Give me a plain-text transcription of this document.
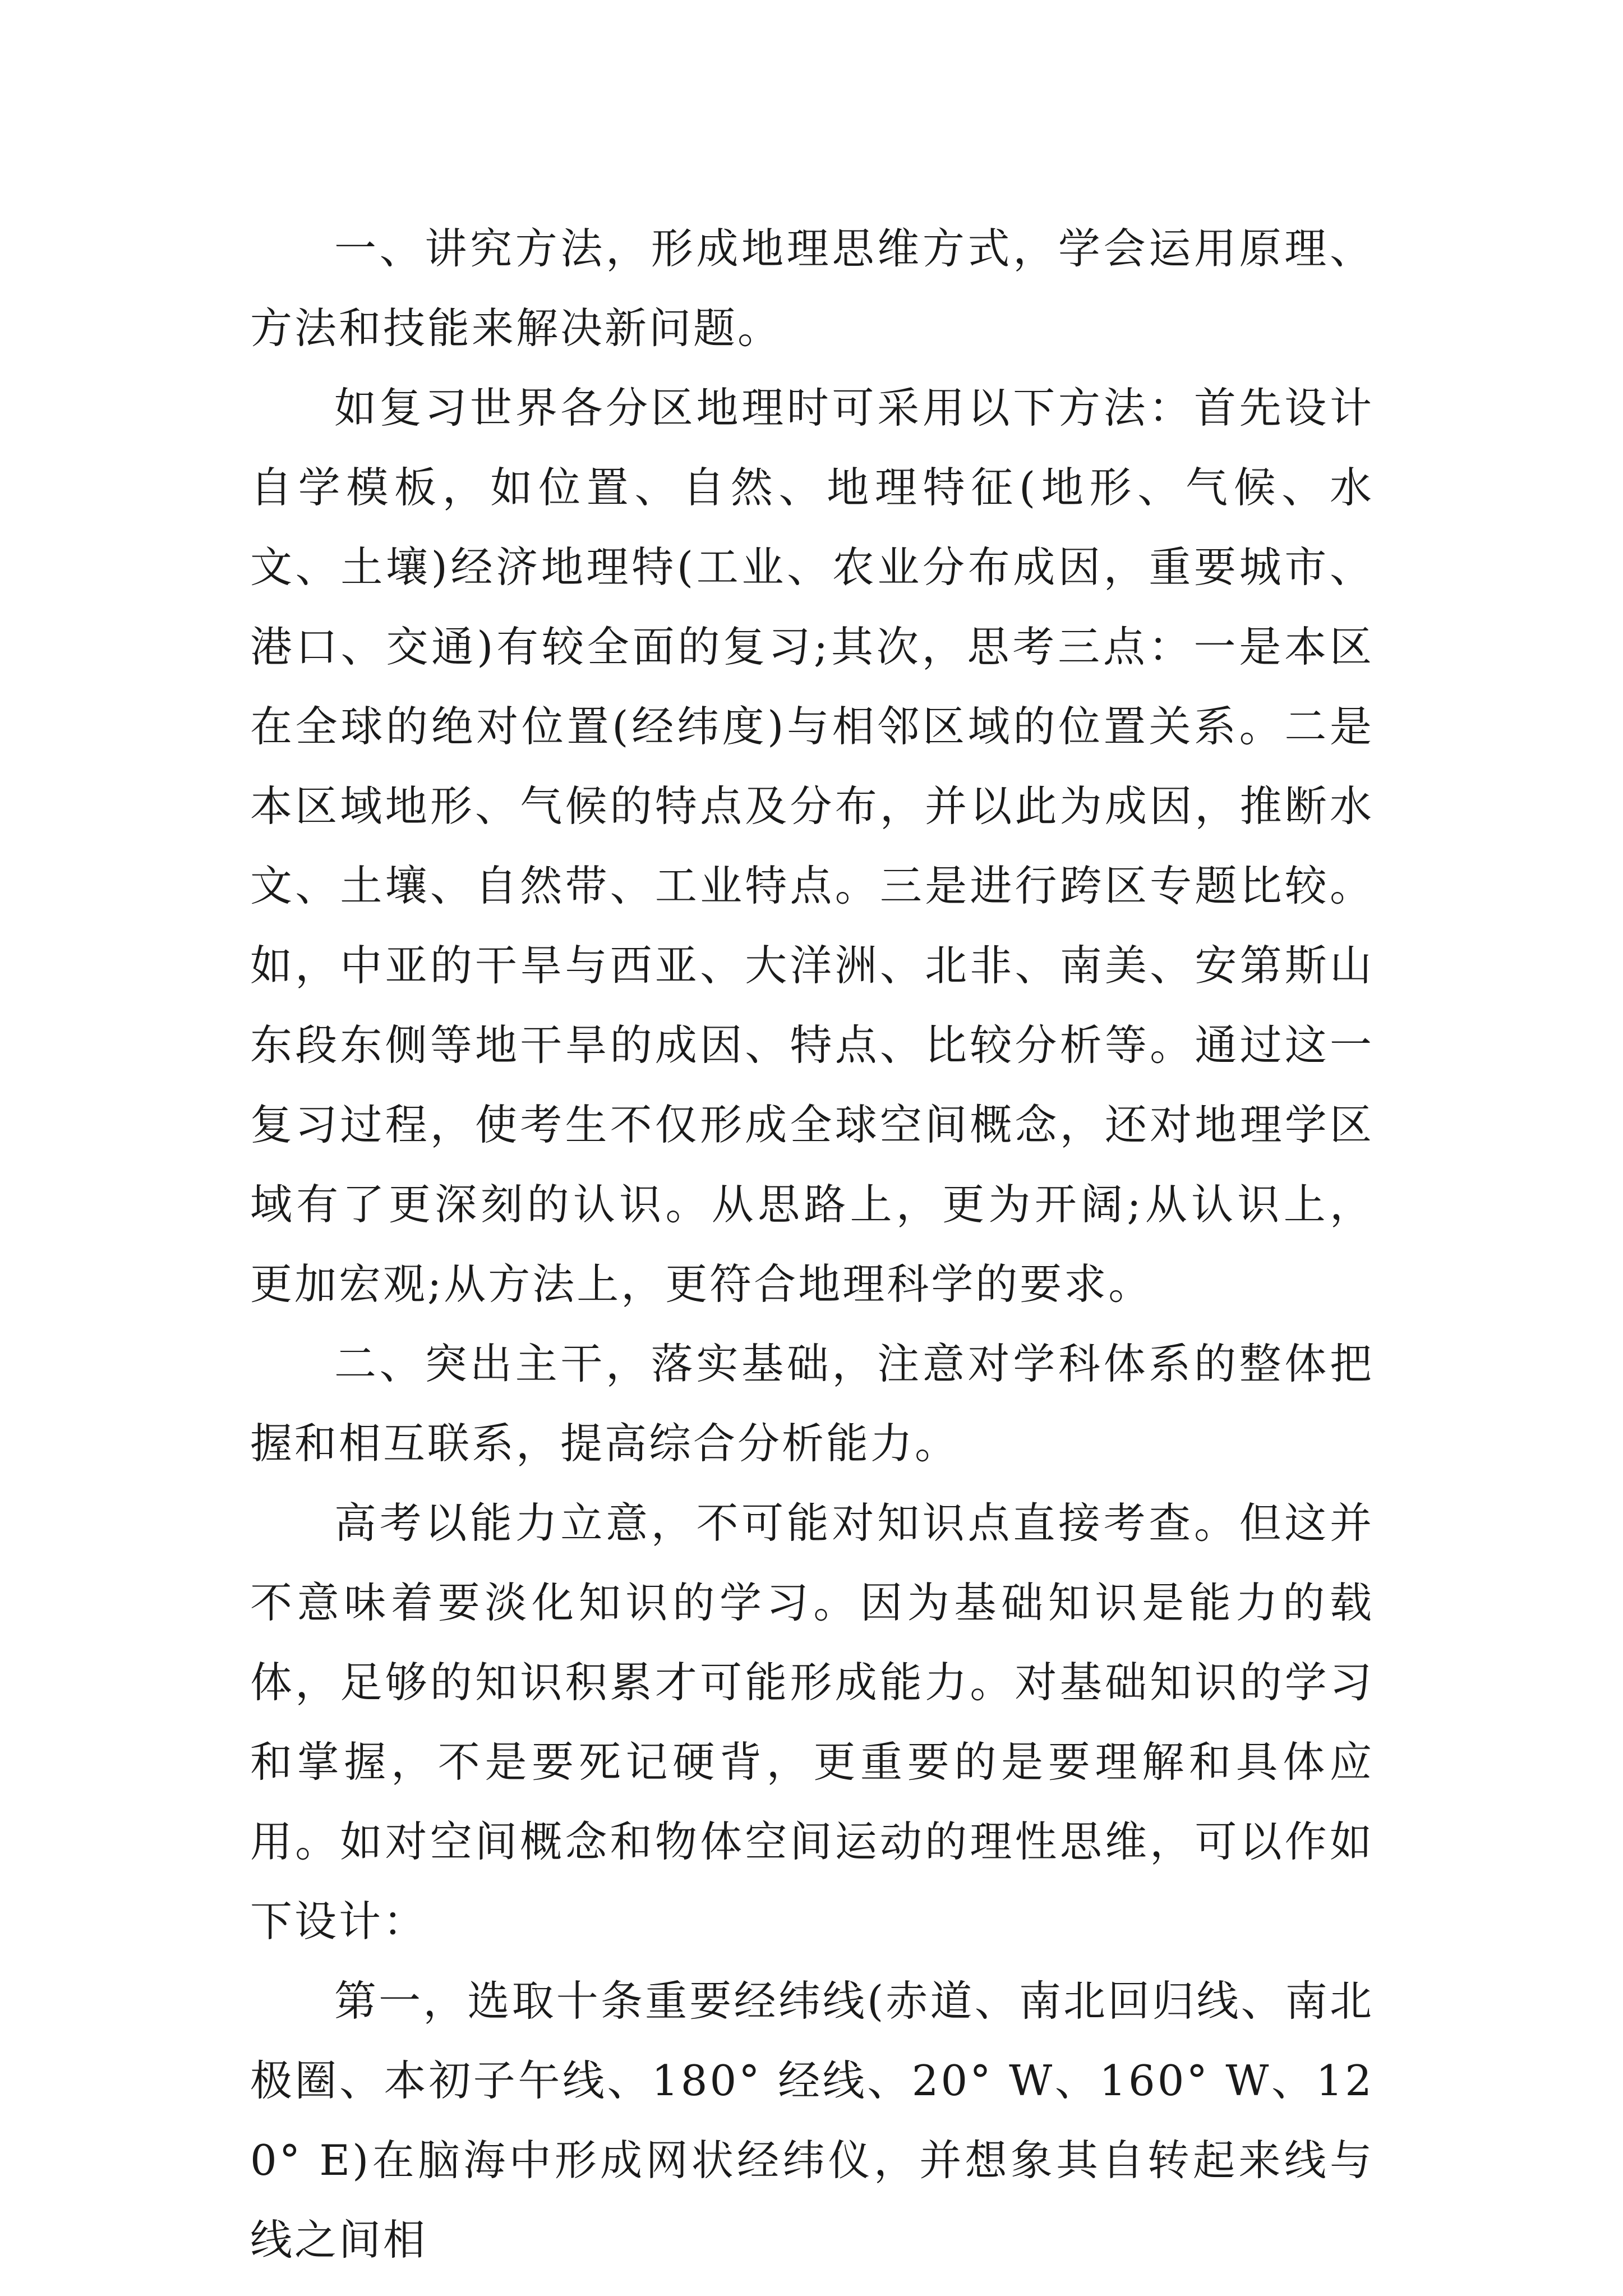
一、讲究方法，形成地理思维方式，学会运用原理、方法和技能来解决新问题。

如复习世界各分区地理时可采用以下方法：首先设计自学模板，如位置、自然、地理特征(地形、气候、水文、土壤)经济地理特(工业、农业分布成因，重要城市、港口、交通)有较全面的复习;其次，思考三点：一是本区在全球的绝对位置(经纬度)与相邻区域的位置关系。二是本区域地形、气候的特点及分布，并以此为成因，推断水文、土壤、自然带、工业特点。三是进行跨区专题比较。如，中亚的干旱与西亚、大洋洲、北非、南美、安第斯山东段东侧等地干旱的成因、特点、比较分析等。通过这一复习过程，使考生不仅形成全球空间概念，还对地理学区域有了更深刻的认识。从思路上，更为开阔;从认识上，更加宏观;从方法上，更符合地理科学的要求。

二、突出主干，落实基础，注意对学科体系的整体把握和相互联系，提高综合分析能力。

高考以能力立意，不可能对知识点直接考查。但这并不意味着要淡化知识的学习。因为基础知识是能力的载体，足够的知识积累才可能形成能力。对基础知识的学习和掌握，不是要死记硬背，更重要的是要理解和具体应用。如对空间概念和物体空间运动的理性思维，可以作如下设计：

第一，选取十条重要经纬线(赤道、南北回归线、南北极圈、本初子午线、180° 经线、20° W、160° W、120° E)在脑海中形成网状经纬仪，并想象其自转起来线与线之间相
